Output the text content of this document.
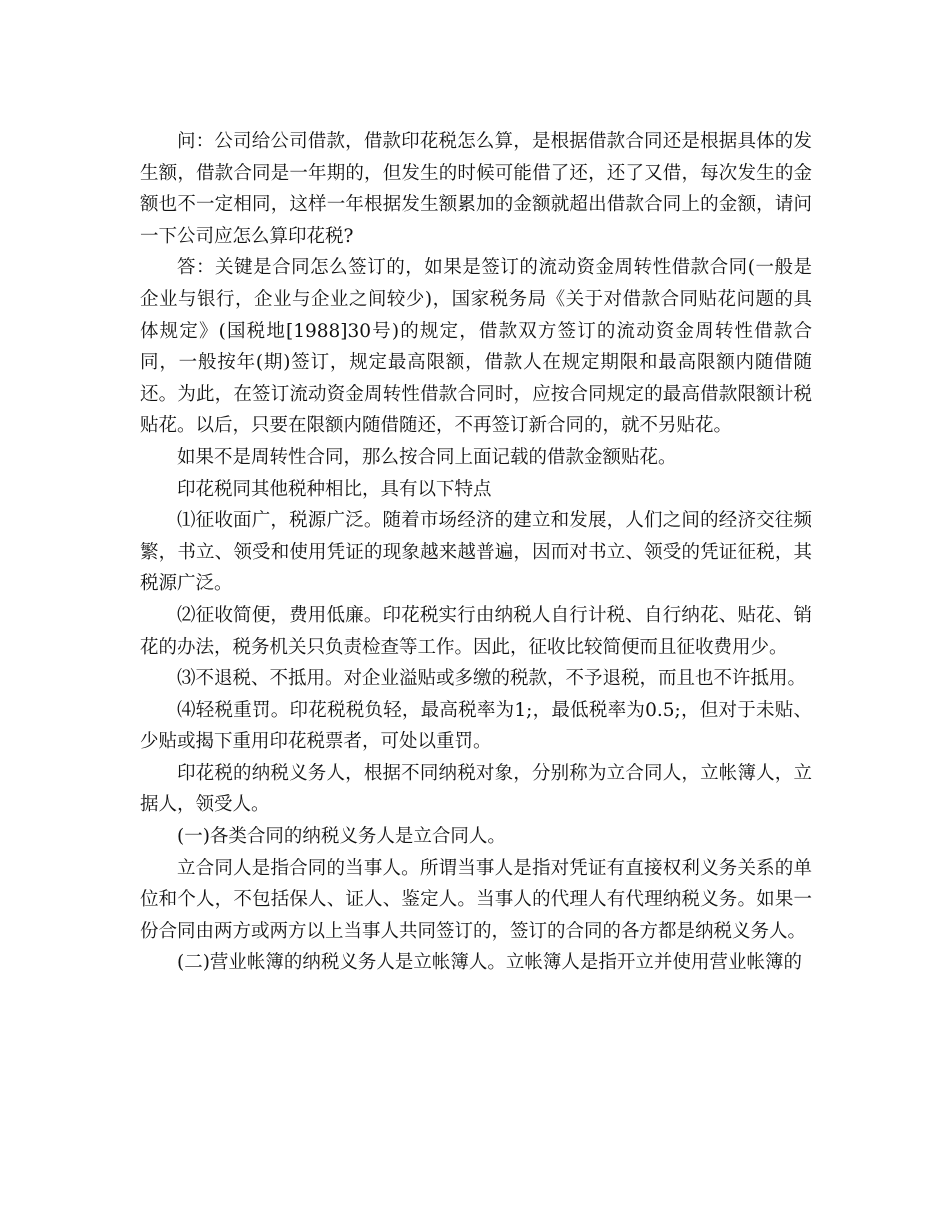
问：公司给公司借款，借款印花税怎么算，是根据借款合同还是根据具体的发生额，借款合同是一年期的，但发生的时候可能借了还，还了又借，每次发生的金额也不一定相同，这样一年根据发生额累加的金额就超出借款合同上的金额，请问一下公司应怎么算印花税?

答：关键是合同怎么签订的，如果是签订的流动资金周转性借款合同(一般是企业与银行，企业与企业之间较少)，国家税务局《关于对借款合同贴花问题的具体规定》(国税地[1988]30号)的规定，借款双方签订的流动资金周转性借款合同，一般按年(期)签订，规定最高限额，借款人在规定期限和最高限额内随借随还。为此，在签订流动资金周转性借款合同时，应按合同规定的最高借款限额计税贴花。以后，只要在限额内随借随还，不再签订新合同的，就不另贴花。

如果不是周转性合同，那么按合同上面记载的借款金额贴花。

印花税同其他税种相比，具有以下特点

⑴征收面广，税源广泛。随着市场经济的建立和发展，人们之间的经济交往频繁，书立、领受和使用凭证的现象越来越普遍，因而对书立、领受的凭证征税，其税源广泛。

⑵征收简便，费用低廉。印花税实行由纳税人自行计税、自行纳花、贴花、销花的办法，税务机关只负责检查等工作。因此，征收比较简便而且征收费用少。

⑶不退税、不抵用。对企业溢贴或多缴的税款，不予退税，而且也不许抵用。

⑷轻税重罚。印花税税负轻，最高税率为1;，最低税率为0.5;，但对于未贴、少贴或揭下重用印花税票者，可处以重罚。

印花税的纳税义务人，根据不同纳税对象，分别称为立合同人，立帐簿人，立据人，领受人。

(一)各类合同的纳税义务人是立合同人。

立合同人是指合同的当事人。所谓当事人是指对凭证有直接权利义务关系的单位和个人，不包括保人、证人、鉴定人。当事人的代理人有代理纳税义务。如果一份合同由两方或两方以上当事人共同签订的，签订的合同的各方都是纳税义务人。

(二)营业帐簿的纳税义务人是立帐簿人。立帐簿人是指开立并使用营业帐簿的
